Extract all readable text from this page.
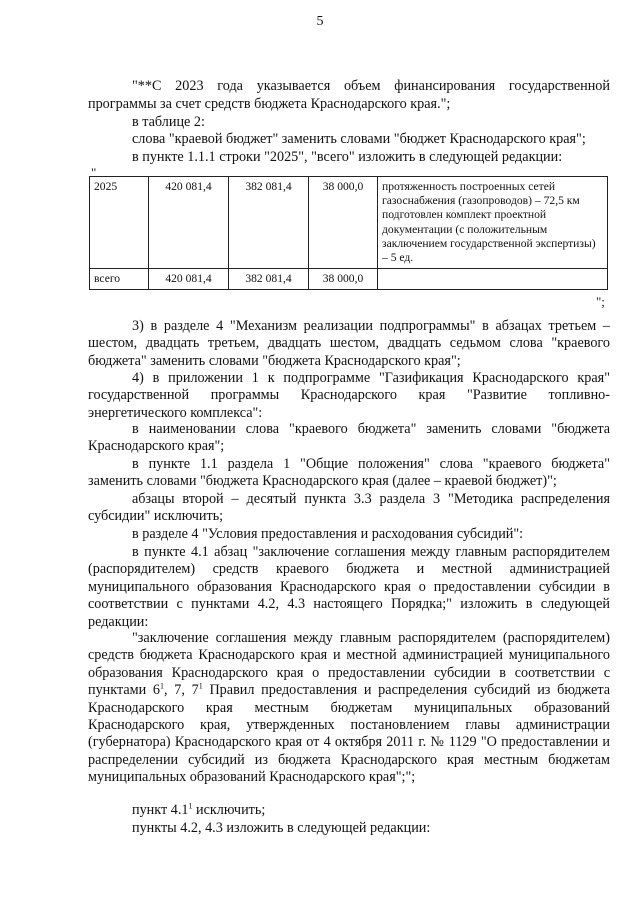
5

"**С 2023 года указывается объем финансирования государственной

программы за счет средств бюджета Краснодарского края.";

в таблице 2:

слова "краевой бюджет" заменить словами "бюджет Краснодарского края";

в пункте 1.1.1 строки "2025", "всего" изложить в следующей редакции:

"
2025	420 081,4	382 081,4	38 000,0	протяженность построенных сетей газоснабжения (газопроводов) – 72,5 км подготовлен комплект проектной документации (с положительным заключением государственной экспертизы) – 5 ед.
всего	420 081,4	382 081,4	38 000,0	
";

3) в разделе 4 "Механизм реализации подпрограммы" в абзацах третьем – шестом, двадцать третьем, двадцать шестом, двадцать седьмом слова "краевого бюджета" заменить словами "бюджета Краснодарского края";

4) в приложении 1 к подпрограмме "Газификация Краснодарского края" государственной программы Краснодарского края "Развитие топливно-энергетического комплекса":

в наименовании слова "краевого бюджета" заменить словами "бюджета Краснодарского края";

в пункте 1.1 раздела 1 "Общие положения" слова "краевого бюджета" заменить словами "бюджета Краснодарского края (далее – краевой бюджет)";

абзацы второй – десятый пункта 3.3 раздела 3 "Методика распределения субсидии" исключить;

в разделе 4 "Условия предоставления и расходования субсидий":

в пункте 4.1 абзац "заключение соглашения между главным распорядителем (распорядителем) средств краевого бюджета и местной администрацией муниципального образования Краснодарского края о предоставлении субсидии в соответствии с пунктами 4.2, 4.3 настоящего Порядка;" изложить в следующей редакции:

"заключение соглашения между главным распорядителем (распорядителем) средств бюджета Краснодарского края и местной администрацией муниципального образования Краснодарского края о предоставлении субсидии в соответствии с пунктами $6^1$, 7, $7^1$ Правил предоставления и распределения субсидий из бюджета Краснодарского края местным бюджетам муниципальных образований Краснодарского края, утвержденных постановлением главы администрации (губернатора) Краснодарского края от 4 октября 2011 г. № 1129 "О предоставлении и распределении субсидий из бюджета Краснодарского края местным бюджетам муниципальных образований Краснодарского края";";

пункт $4.1^1$ исключить;

пункты 4.2, 4.3 изложить в следующей редакции:
